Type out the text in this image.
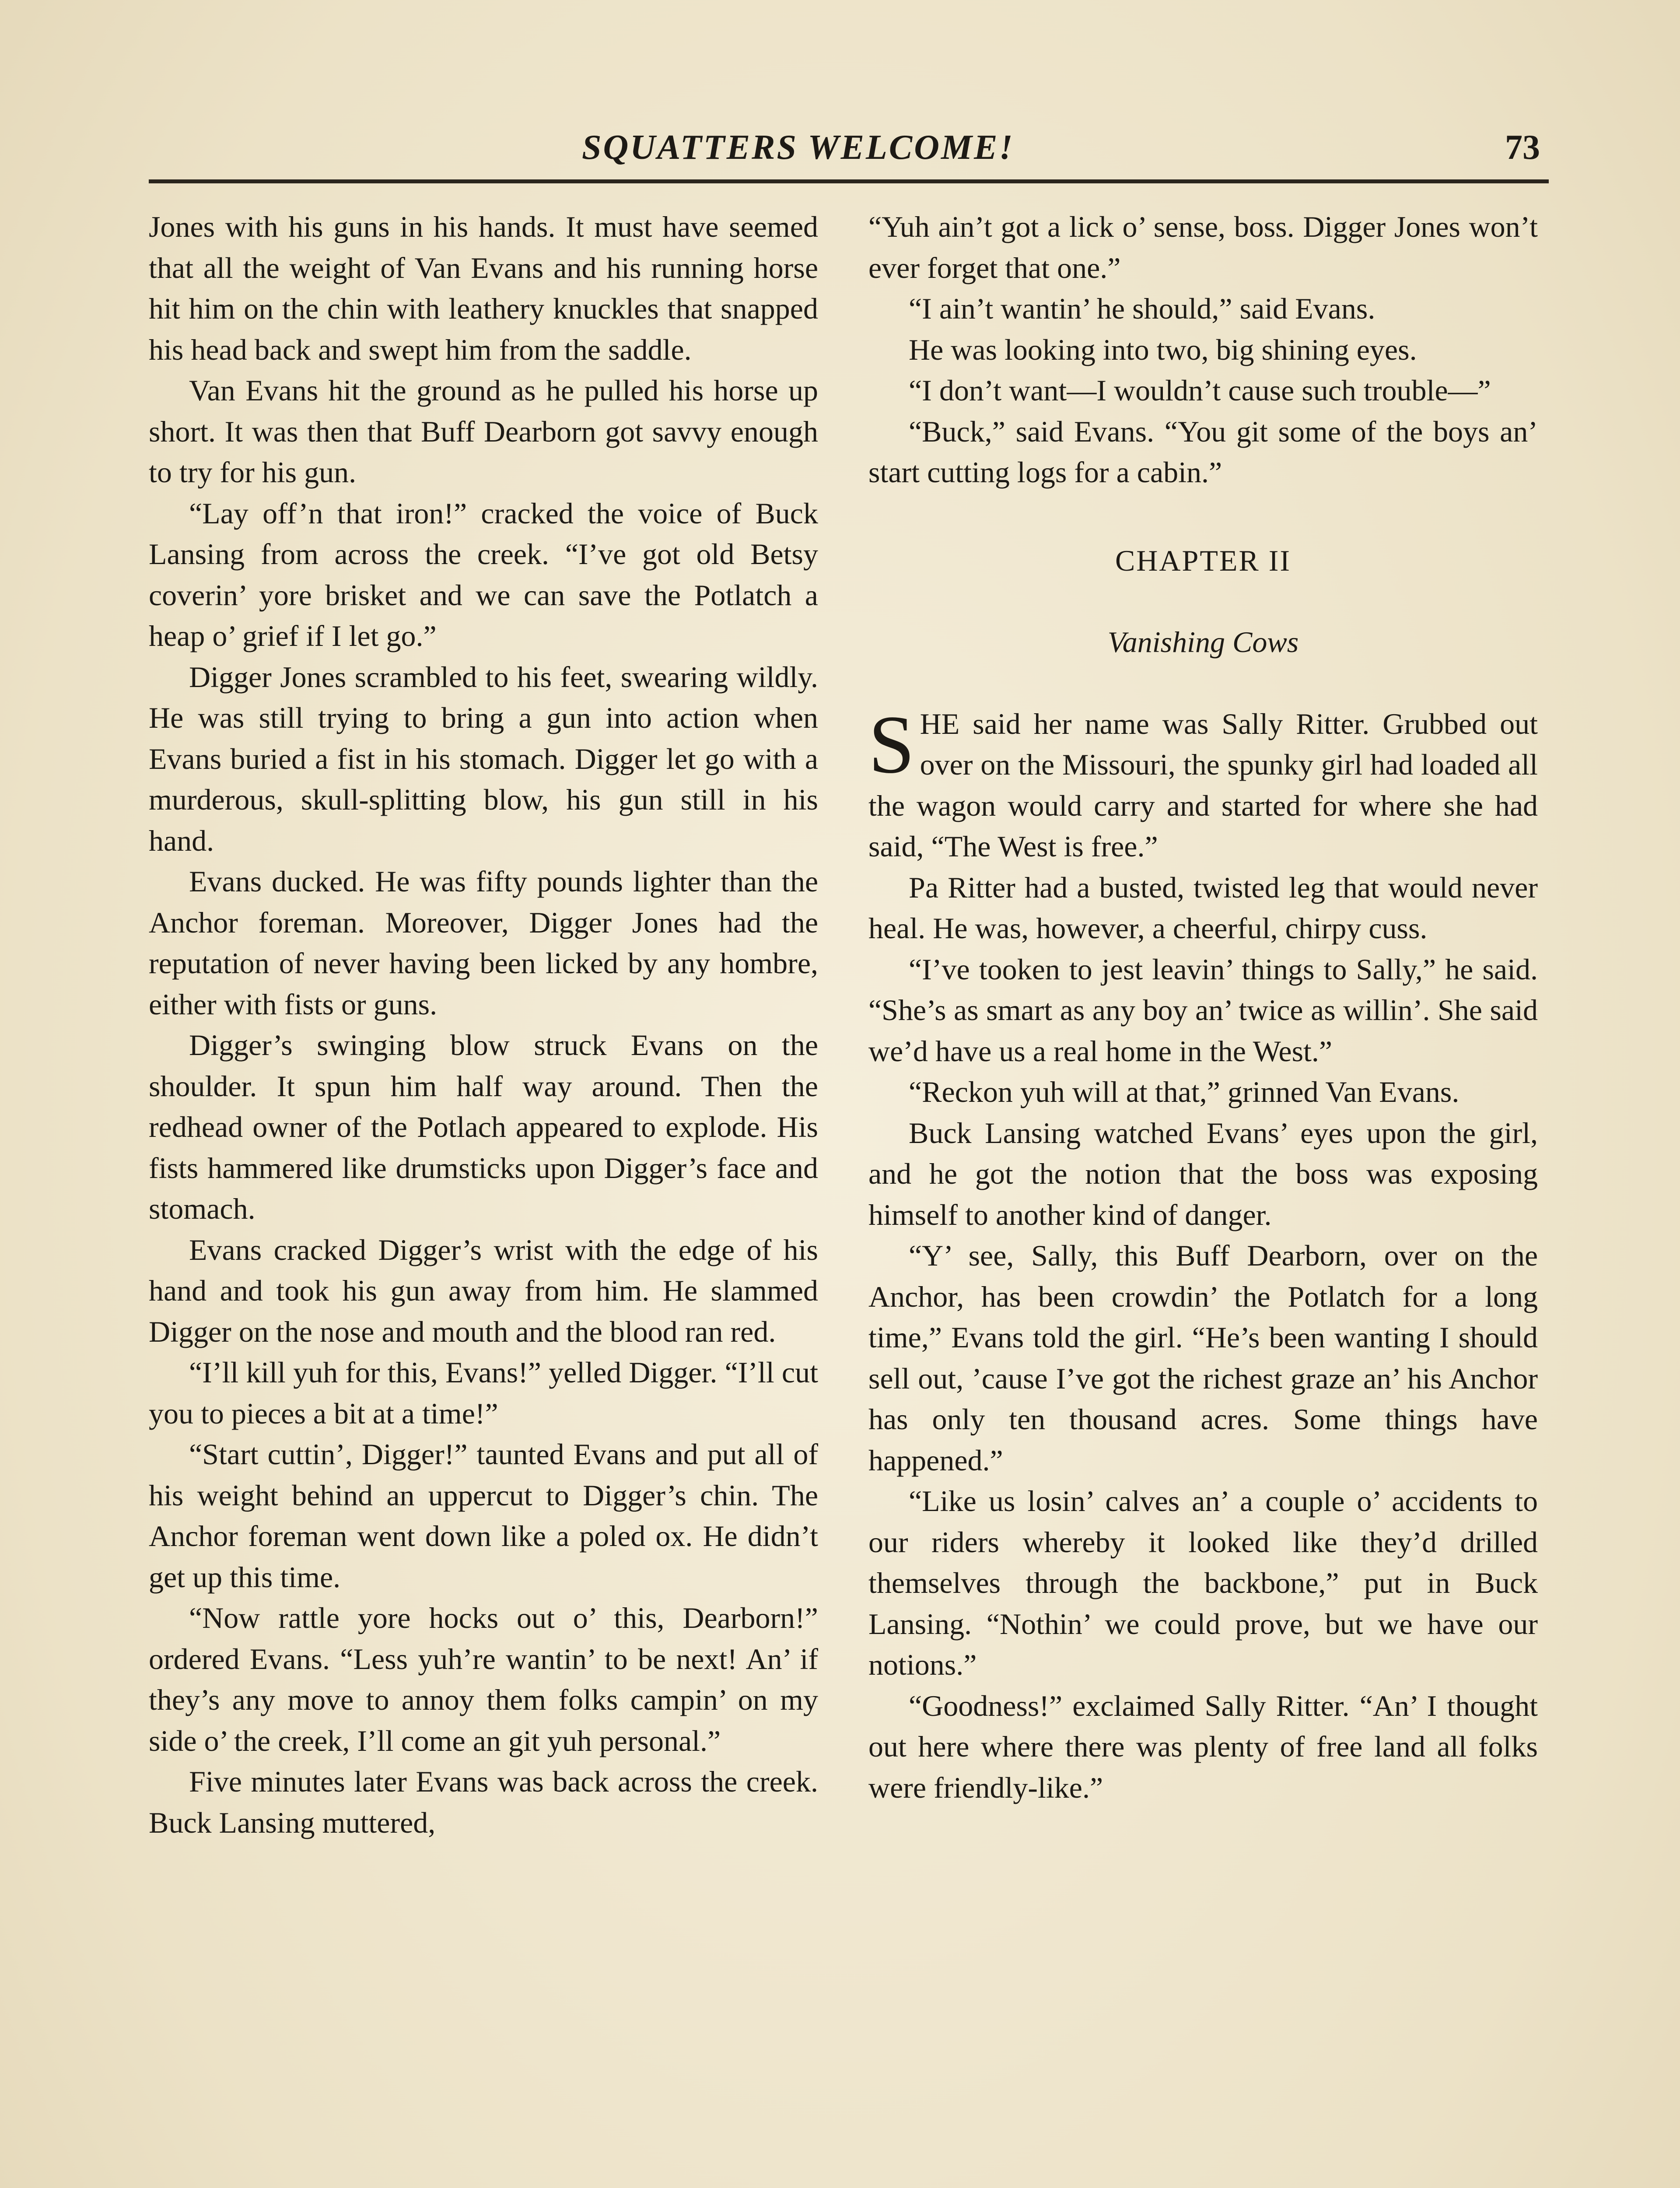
SQUATTERS WELCOME!	73

Jones with his guns in his hands. It must have seemed that all the weight of Van Evans and his running horse hit him on the chin with leathery knuckles that snapped his head back and swept him from the saddle.

Van Evans hit the ground as he pulled his horse up short. It was then that Buff Dearborn got savvy enough to try for his gun.

“Lay off’n that iron!” cracked the voice of Buck Lansing from across the creek. “I’ve got old Betsy coverin’ yore brisket and we can save the Potlatch a heap o’ grief if I let go.”

Digger Jones scrambled to his feet, swearing wildly. He was still trying to bring a gun into action when Evans buried a fist in his stomach. Digger let go with a murderous, skull-splitting blow, his gun still in his hand.

Evans ducked. He was fifty pounds lighter than the Anchor foreman. Moreover, Digger Jones had the reputation of never having been licked by any hombre, either with fists or guns.

Digger’s swinging blow struck Evans on the shoulder. It spun him half way around. Then the redhead owner of the Potlach appeared to explode. His fists hammered like drumsticks upon Digger’s face and stomach.

Evans cracked Digger’s wrist with the edge of his hand and took his gun away from him. He slammed Digger on the nose and mouth and the blood ran red.

“I’ll kill yuh for this, Evans!” yelled Digger. “I’ll cut you to pieces a bit at a time!”

“Start cuttin’, Digger!” taunted Evans and put all of his weight behind an uppercut to Digger’s chin. The Anchor foreman went down like a poled ox. He didn’t get up this time.

“Now rattle yore hocks out o’ this, Dearborn!” ordered Evans. “Less yuh’re wantin’ to be next! An’ if they’s any move to annoy them folks campin’ on my side o’ the creek, I’ll come an git yuh personal.”

Five minutes later Evans was back across the creek. Buck Lansing muttered,

“Yuh ain’t got a lick o’ sense, boss. Digger Jones won’t ever forget that one.”

“I ain’t wantin’ he should,” said Evans.

He was looking into two, big shining eyes.

“I don’t want—I wouldn’t cause such trouble—”

“Buck,” said Evans. “You git some of the boys an’ start cutting logs for a cabin.”

CHAPTER II
Vanishing Cows

SHE said her name was Sally Ritter. Grubbed out over on the Missouri, the spunky girl had loaded all the wagon would carry and started for where she had said, “The West is free.”

Pa Ritter had a busted, twisted leg that would never heal. He was, however, a cheerful, chirpy cuss.

“I’ve tooken to jest leavin’ things to Sally,” he said. “She’s as smart as any boy an’ twice as willin’. She said we’d have us a real home in the West.”

“Reckon yuh will at that,” grinned Van Evans.

Buck Lansing watched Evans’ eyes upon the girl, and he got the notion that the boss was exposing himself to another kind of danger.

“Y’ see, Sally, this Buff Dearborn, over on the Anchor, has been crowdin’ the Potlatch for a long time,” Evans told the girl. “He’s been wanting I should sell out, ’cause I’ve got the richest graze an’ his Anchor has only ten thousand acres. Some things have happened.”

“Like us losin’ calves an’ a couple o’ accidents to our riders whereby it looked like they’d drilled themselves through the backbone,” put in Buck Lansing. “Nothin’ we could prove, but we have our notions.”

“Goodness!” exclaimed Sally Ritter. “An’ I thought out here where there was plenty of free land all folks were friendly-like.”
